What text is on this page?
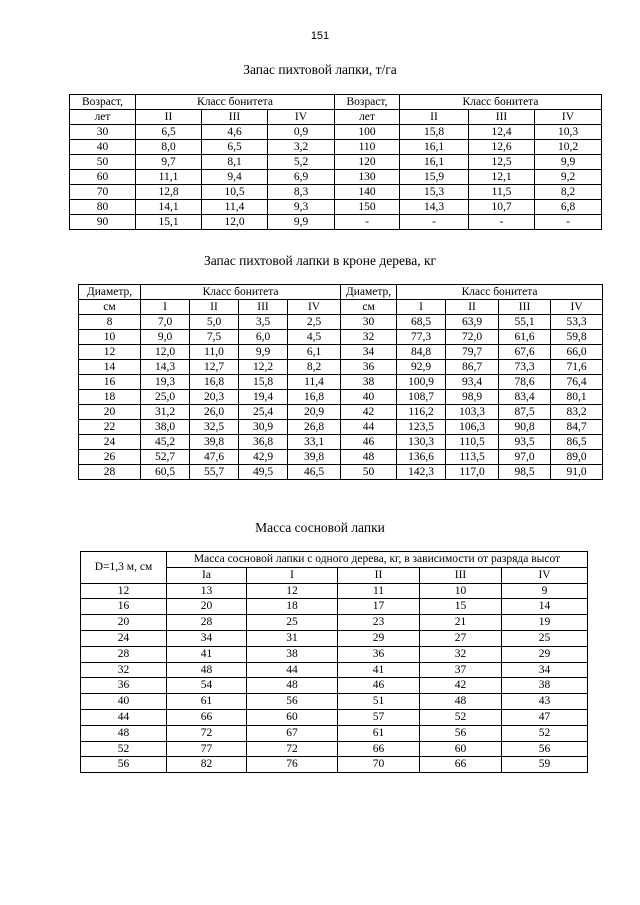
151
Запас пихтовой лапки, т/га
Возраст,	Класс бонитета			Возраст,	Класс бонитета		
лет	II	III	IV	лет	II	III	IV
30	6,5	4,6	0,9	100	15,8	12,4	10,3
40	8,0	6,5	3,2	110	16,1	12,6	10,2
50	9,7	8,1	5,2	120	16,1	12,5	9,9
60	11,1	9,4	6,9	130	15,9	12,1	9,2
70	12,8	10,5	8,3	140	15,3	11,5	8,2
80	14,1	11,4	9,3	150	14,3	10,7	6,8
90	15,1	12,0	9,9	-	-	-	-
Запас пихтовой лапки в кроне дерева, кг
Диаметр,	Класс бонитета				Диаметр,	Класс бонитета			
см	I	II	III	IV	см	I	II	III	IV
8	7,0	5,0	3,5	2,5	30	68,5	63,9	55,1	53,3
10	9,0	7,5	6,0	4,5	32	77,3	72,0	61,6	59,8
12	12,0	11,0	9,9	6,1	34	84,8	79,7	67,6	66,0
14	14,3	12,7	12,2	8,2	36	92,9	86,7	73,3	71,6
16	19,3	16,8	15,8	11,4	38	100,9	93,4	78,6	76,4
18	25,0	20,3	19,4	16,8	40	108,7	98,9	83,4	80,1
20	31,2	26,0	25,4	20,9	42	116,2	103,3	87,5	83,2
22	38,0	32,5	30,9	26,8	44	123,5	106,3	90,8	84,7
24	45,2	39,8	36,8	33,1	46	130,3	110,5	93,5	86,5
26	52,7	47,6	42,9	39,8	48	136,6	113,5	97,0	89,0
28	60,5	55,7	49,5	46,5	50	142,3	117,0	98,5	91,0
Масса сосновой лапки
D=1,3 м, см	Масса сосновой лапки с одного дерева, кг, в зависимости от разряда высот				
	Ia	I	II	III	IV
12	13	12	11	10	9
16	20	18	17	15	14
20	28	25	23	21	19
24	34	31	29	27	25
28	41	38	36	32	29
32	48	44	41	37	34
36	54	48	46	42	38
40	61	56	51	48	43
44	66	60	57	52	47
48	72	67	61	56	52
52	77	72	66	60	56
56	82	76	70	66	59
